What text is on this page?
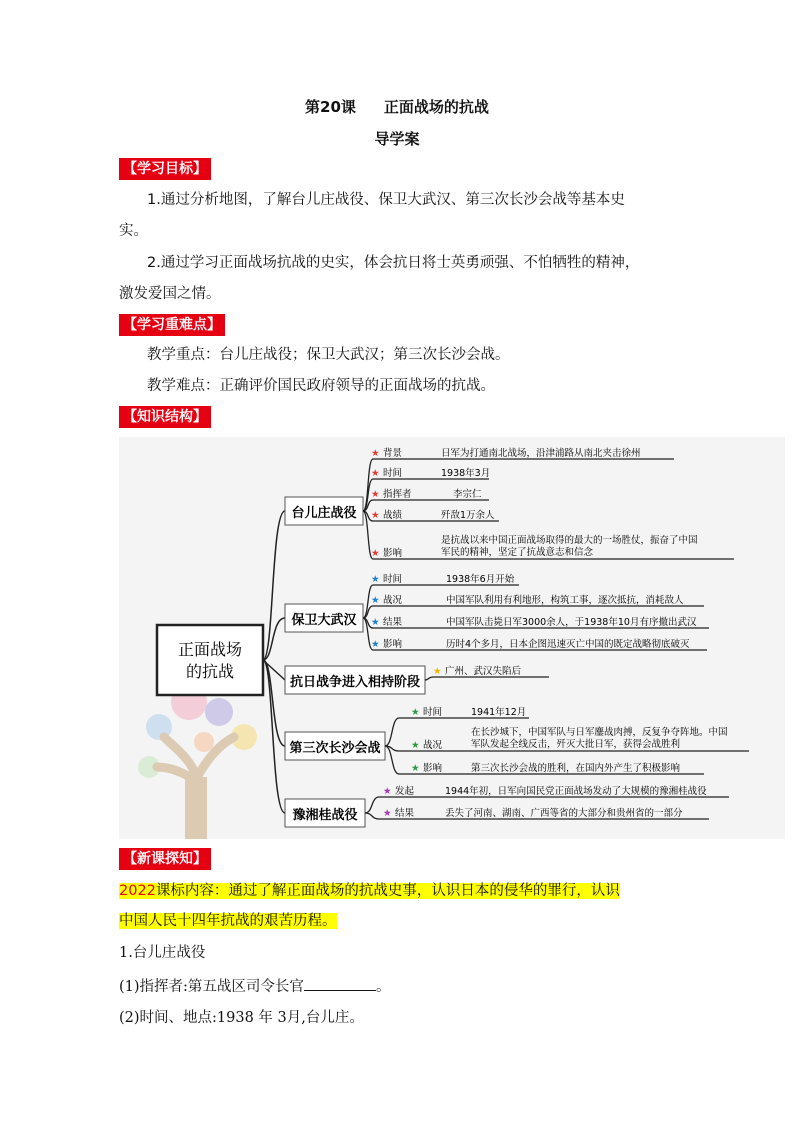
第20课 正面战场的抗战
导学案
【学习目标】
1.通过分析地图，了解台儿庄战役、保卫大武汉、第三次长沙会战等基本史
实。
2.通过学习正面战场抗战的史实，体会抗日将士英勇顽强、不怕牺牲的精神，
激发爱国之情。
【学习重难点】
教学重点：台儿庄战役；保卫大武汉；第三次长沙会战。
教学难点：正确评价国民政府领导的正面战场的抗战。
【知识结构】
正面战场
的抗战
台儿庄战役
★ 背景	日军为打通南北战场，沿津浦路从南北夹击徐州
★ 时间	1938年3月
★ 指挥者	李宗仁
★ 战绩	歼敌1万余人
★ 影响
是抗战以来中国正面战场取得的最大的一场胜仗，振奋了中国
军民的精神，坚定了抗战意志和信念
保卫大武汉
★ 时间	1938年6月开始
★ 战况	中国军队利用有利地形，构筑工事，逐次抵抗，消耗敌人
★ 结果	中国军队击毙日军3000余人，于1938年10月有序撤出武汉
★ 影响	历时4个多月，日本企图迅速灭亡中国的既定战略彻底破灭
抗日战争进入相持阶段
★ 广州、武汉失陷后
第三次长沙会战
★ 时间	1941年12月
★ 战况
在长沙城下，中国军队与日军鏖战肉搏，反复争夺阵地。中国
军队发起全线反击，歼灭大批日军，获得会战胜利
★ 影响	第三次长沙会战的胜利，在国内外产生了积极影响
豫湘桂战役
★ 发起	1944年初，日军向国民党正面战场发动了大规模的豫湘桂战役
★ 结果	丢失了河南、湖南、广西等省的大部分和贵州省的一部分
【新课探知】
2022课标内容：通过了解正面战场的抗战史事，认识日本的侵华的罪行，认识
中国人民十四年抗战的艰苦历程。
1.台儿庄战役
(1)指挥者:第五战区司令长官	。
(2)时间、地点:1938 年 3月,台儿庄。
